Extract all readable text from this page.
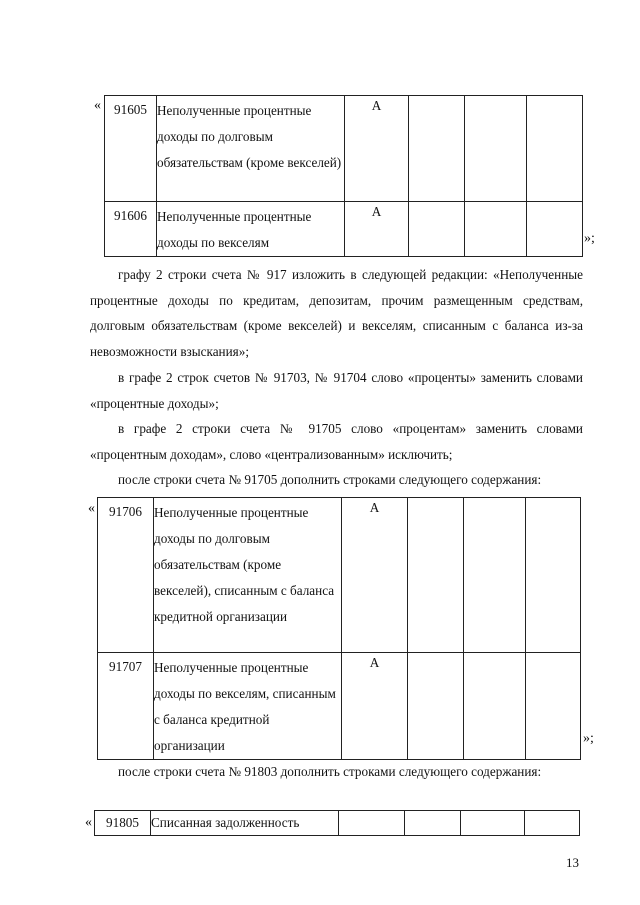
« 91605	Неполученные процентные доходы по долговым обязательствам (кроме векселей)	А			

91606	Неполученные процентные доходы по векселям	А			

»;

графу 2 строки счета № 917 изложить в следующей редакции: «Неполученные процентные доходы по кредитам, депозитам, прочим размещенным средствам, долговым обязательствам (кроме векселей) и векселям, списанным с баланса из-за невозможности взыскания»;

в графе 2 строк счетов № 91703, № 91704 слово «проценты» заменить словами «процентные доходы»;

в графе 2 строки счета № 91705 слово «процентам» заменить словами «процентным доходам», слово «централизованным» исключить;

после строки счета № 91705 дополнить строками следующего содержания:

«	91706	Неполученные процентные доходы по долговым обязательствам (кроме векселей), списанным с баланса кредитной организации	А			

91707	Неполученные процентные доходы по векселям, списанным с баланса кредитной организации	А			

»;

после строки счета № 91803 дополнить строками следующего содержания:

«	91805	Списанная задолженность

13
